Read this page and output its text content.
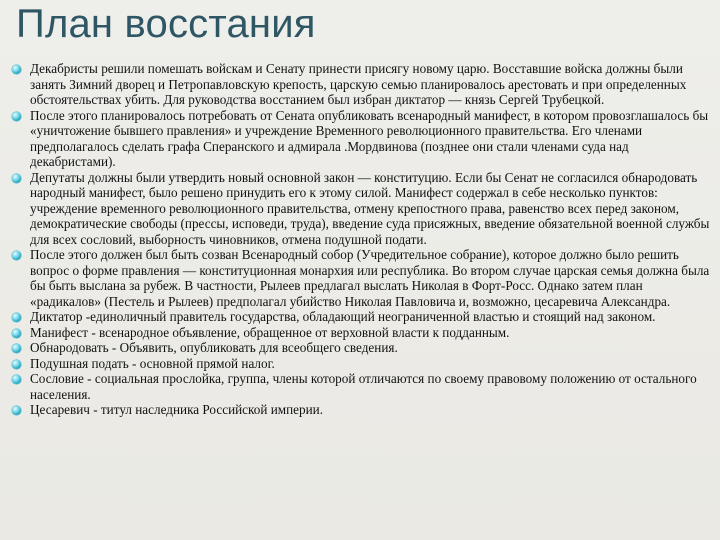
План восстания
Декабристы решили помешать войскам и Сенату принести присягу новому царю. Восставшие войска должны были занять Зимний дворец и Петропавловскую крепость, царскую семью планировалось арестовать и при определенных обстоятельствах убить. Для руководства восстанием был избран диктатор — князь Сергей Трубецкой.
После этого планировалось потребовать от Сената опубликовать всенародный манифест, в котором провозглашалось бы «уничтожение бывшего правления» и учреждение Временного революционного правительства. Его членами предполагалось сделать графа Сперанского и адмирала .Мордвинова (позднее они стали членами суда над декабристами).
Депутаты должны были утвердить новый основной закон — конституцию. Если бы Сенат не согласился обнародовать народный манифест, было решено принудить его к этому силой. Манифест содержал в себе несколько пунктов: учреждение временного революционного правительства, отмену крепостного права, равенство всех перед законом, демократические свободы (прессы, исповеди, труда), введение суда присяжных, введение обязательной военной службы для всех сословий, выборность чиновников, отмена подушной подати.
После этого должен был быть созван Всенародный собор (Учредительное собрание), которое должно было решить вопрос о форме правления — конституционная монархия или республика. Во втором случае царская семья должна была бы быть выслана за рубеж. В частности, Рылеев предлагал выслать Николая в Форт-Росс. Однако затем план «радикалов» (Пестель и Рылеев) предполагал убийство Николая Павловича и, возможно, цесаревича Александра.
Диктатор -единоличный правитель государства, обладающий неограниченной властью и стоящий над законом.
Манифест - всенародное объявление, обращенное от верховной власти к подданным.
Обнародовать - Объявить, опубликовать для всеобщего сведения.
Подушная подать - основной прямой налог.
Сословие - социальная прослойка, группа, члены которой отличаются по своему правовому положению от остального населения.
Цесаревич - титул наследника Российской империи.
